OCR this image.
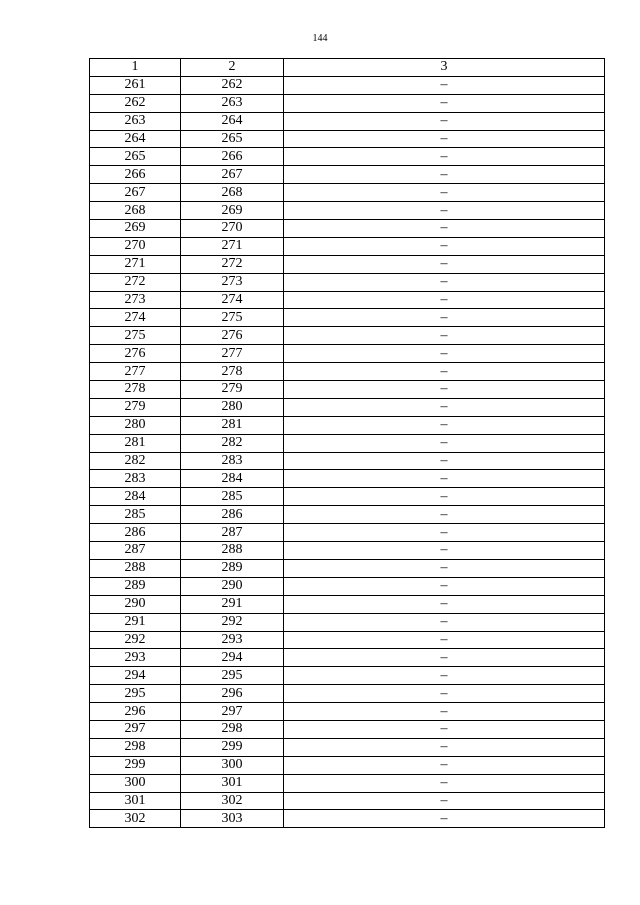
144
1	2	3
261	262	–
262	263	–
263	264	–
264	265	–
265	266	–
266	267	–
267	268	–
268	269	–
269	270	–
270	271	–
271	272	–
272	273	–
273	274	–
274	275	–
275	276	–
276	277	–
277	278	–
278	279	–
279	280	–
280	281	–
281	282	–
282	283	–
283	284	–
284	285	–
285	286	–
286	287	–
287	288	–
288	289	–
289	290	–
290	291	–
291	292	–
292	293	–
293	294	–
294	295	–
295	296	–
296	297	–
297	298	–
298	299	–
299	300	–
300	301	–
301	302	–
302	303	–
